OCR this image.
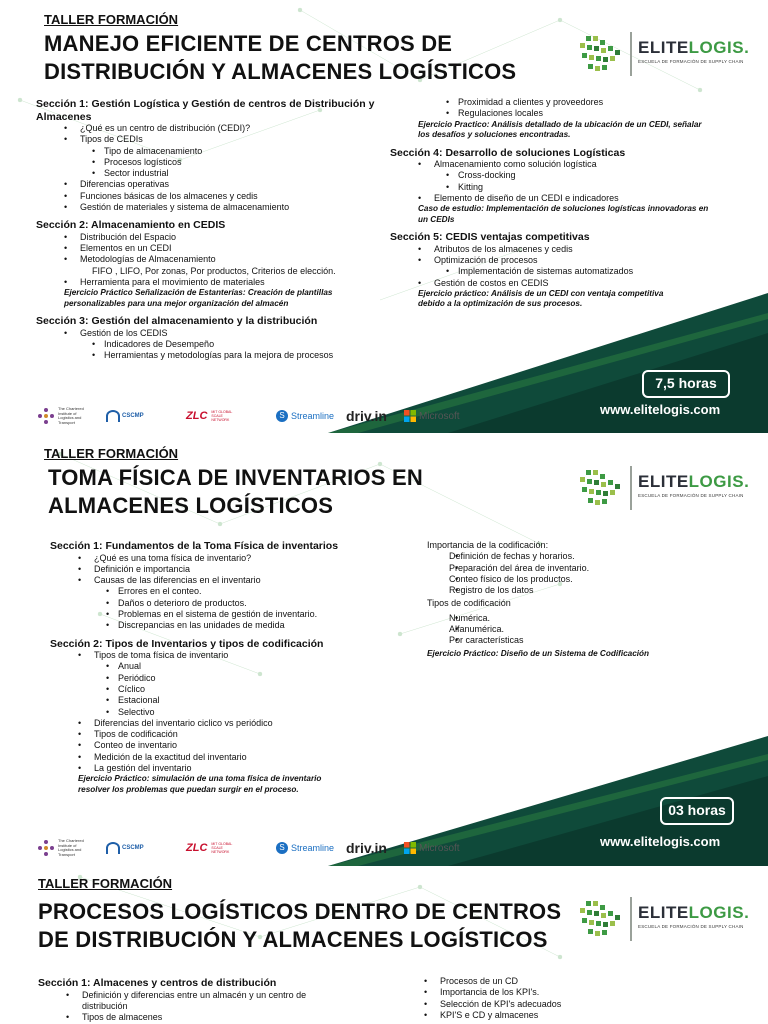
TALLER FORMACIÓN
MANEJO EFICIENTE DE CENTROS DE
DISTRIBUCIÓN Y ALMACENES LOGÍSTICOS
ELITELOGIS.
ESCUELA DE FORMACIÓN DE SUPPLY CHAIN
Sección 1: Gestión Logística y Gestión de centros de Distribución y Almacenes
• ¿Qué es un centro de distribución (CEDI)?
• Tipos de CEDIs
• Tipo de almacenamiento
• Procesos logísticos
• Sector industrial
• Diferencias operativas
• Funciones básicas de los almacenes y cedis
• Gestión de materiales y sistema de almacenamiento
Sección 2: Almacenamiento en CEDIS
• Distribución del Espacio
• Elementos en un CEDI
• Metodologías de Almacenamiento
FIFO , LIFO, Por zonas, Por productos, Criterios de elección.
• Herramienta para el movimiento de materiales
Ejercicio Práctico Señalización de Estanterías: Creación de plantillas personalizables para una mejor organización del almacén
Sección 3: Gestión del almacenamiento y la distribución
• Gestión de los CEDIS
• Indicadores de Desempeño
• Herramientas y metodologías para la mejora de procesos
• Proximidad a clientes y proveedores
• Regulaciones locales
Ejercicio Practico: Análisis detallado de la ubicación de un CEDI, señalar los desafíos y soluciones encontradas.
Sección 4: Desarrollo de soluciones Logísticas
• Almacenamiento como solución logística
• Cross-docking
• Kitting
• Elemento de diseño de un CEDI e indicadores
Caso de estudio: Implementación de soluciones logísticas innovadoras en un CEDIs
Sección 5: CEDIS ventajas competitivas
• Atributos de los almacenes y cedis
• Optimización de procesos
• Implementación de sistemas automatizados
• Gestión de costos en CEDIS
Ejercicio práctico: Análisis de un CEDI con ventaja competitiva debido a la optimización de sus procesos.
7,5 horas
www.elitelogis.com
The Chartered Institute of Logistics and Transport
CSCMP	ZLC MIT GLOBAL SCALE NETWORK	S Streamline driv.in	Microsoft
TALLER FORMACIÓN
TOMA FÍSICA DE INVENTARIOS EN
ALMACENES LOGÍSTICOS
ELITELOGIS.
ESCUELA DE FORMACIÓN DE SUPPLY CHAIN
Sección 1: Fundamentos de la Toma Física de inventarios
• ¿Qué es una toma física de inventario?
• Definición e importancia
• Causas de las diferencias en el inventario
• Errores en el conteo.
• Daños o deterioro de productos.
• Problemas en el sistema de gestión de inventario.
• Discrepancias en las unidades de medida
Sección 2: Tipos de Inventarios y tipos de codificación
• Tipos de toma física de inventario
• Anual
• Periódico
• Cíclico
• Estacional
• Selectivo
• Diferencias del inventario ciclico vs periódico
• Tipos de codificación
• Conteo de inventario
• Medición de la exactitud del inventario
• La gestión del inventario
Ejercicio Práctico: simulación de una toma física de inventario resolver los problemas que puedan surgir en el proceso.
Importancia de la codificación:
• Definición de fechas y horarios.
• Preparación del área de inventario.
• Conteo físico de los productos.
• Registro de los datos
Tipos de codificación
• Numérica.
• Alfanumérica.
• Por características
Ejercicio Práctico: Diseño de un Sistema de Codificación
03 horas
www.elitelogis.com
The Chartered Institute of Logistics and Transport
CSCMP	ZLC MIT GLOBAL SCALE NETWORK	S Streamline driv.in	Microsoft
TALLER FORMACIÓN
PROCESOS LOGÍSTICOS DENTRO DE CENTROS
DE DISTRIBUCIÓN Y ALMACENES LOGÍSTICOS
ELITELOGIS.
ESCUELA DE FORMACIÓN DE SUPPLY CHAIN
Sección 1: Almacenes y centros de distribución
• Definición y diferencias entre un almacén y un centro de distribución
• Tipos de almacenes
• Procesos de un CD
• Importancia de los KPI's.
• Selección de KPI's adecuados
• KPI'S e CD y almacenes
